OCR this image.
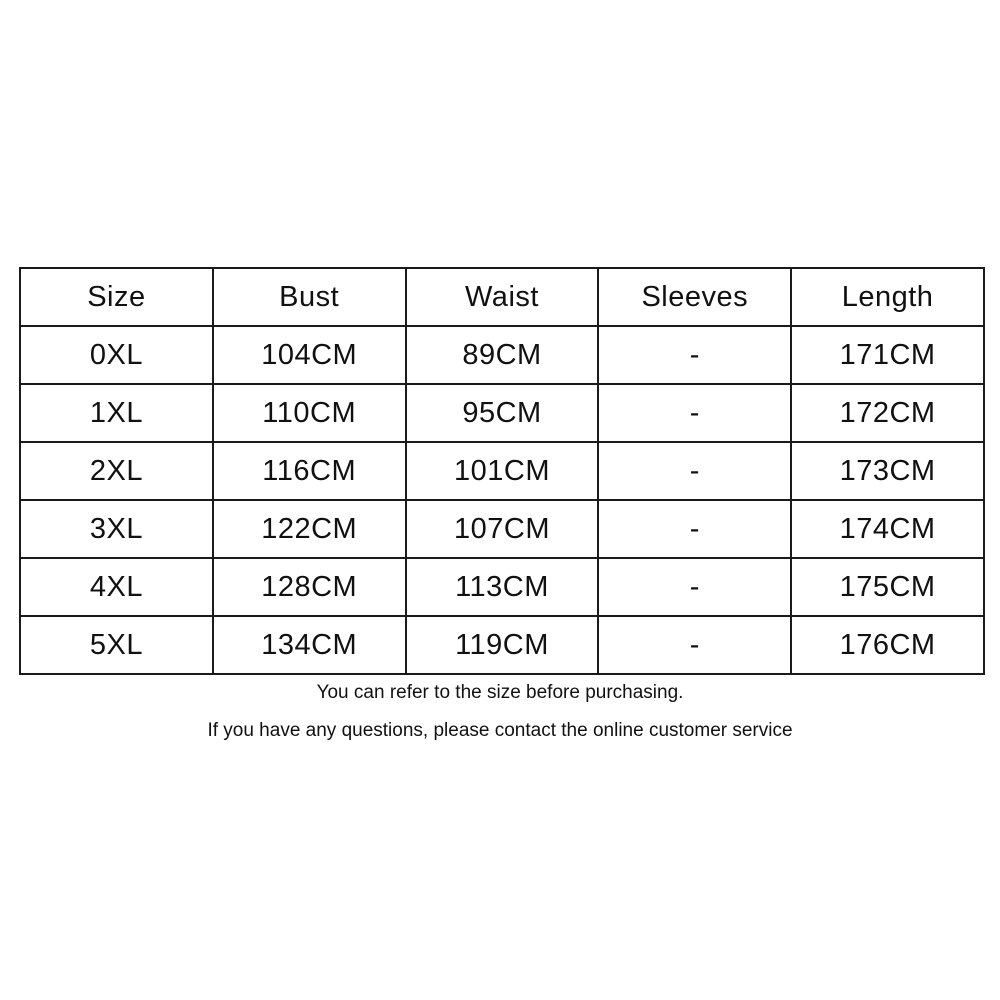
Size	Bust	Waist	Sleeves	Length
0XL	104CM	89CM	-	171CM
1XL	110CM	95CM	-	172CM
2XL	116CM	101CM	-	173CM
3XL	122CM	107CM	-	174CM
4XL	128CM	113CM	-	175CM
5XL	134CM	119CM	-	176CM

You can refer to the size before purchasing.

If you have any questions, please contact the online customer service
